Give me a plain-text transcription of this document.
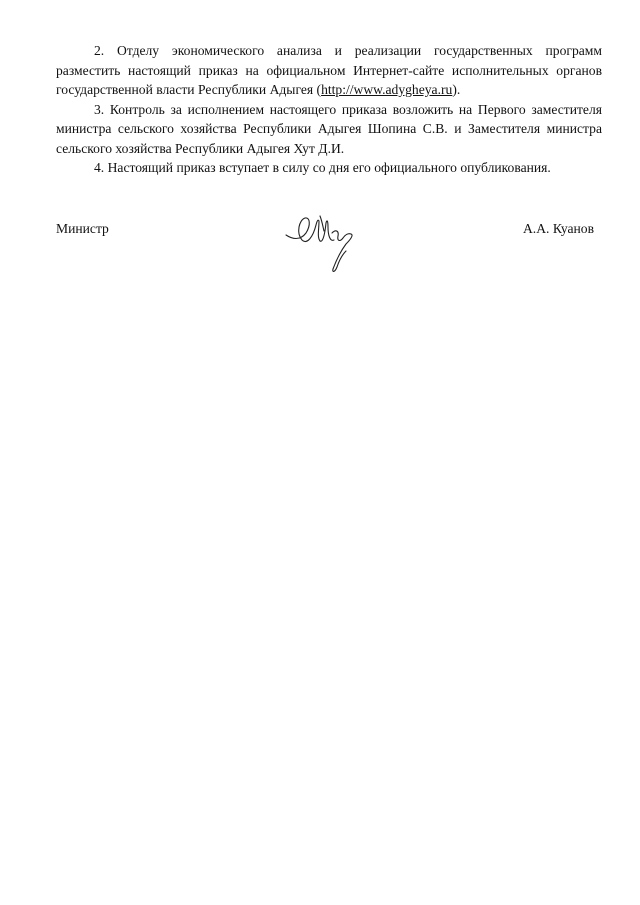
2. Отделу экономического анализа и реализации государственных программ разместить настоящий приказ на официальном Интернет-сайте исполнительных органов государственной власти Республики Адыгея (http://www.adygheya.ru).

3. Контроль за исполнением настоящего приказа возложить на Первого заместителя министра сельского хозяйства Республики Адыгея Шопина С.В. и Заместителя министра сельского хозяйства Республики Адыгея Хут Д.И.

4. Настоящий приказ вступает в силу со дня его официального опубликования.

Министр	А.А. Куанов
